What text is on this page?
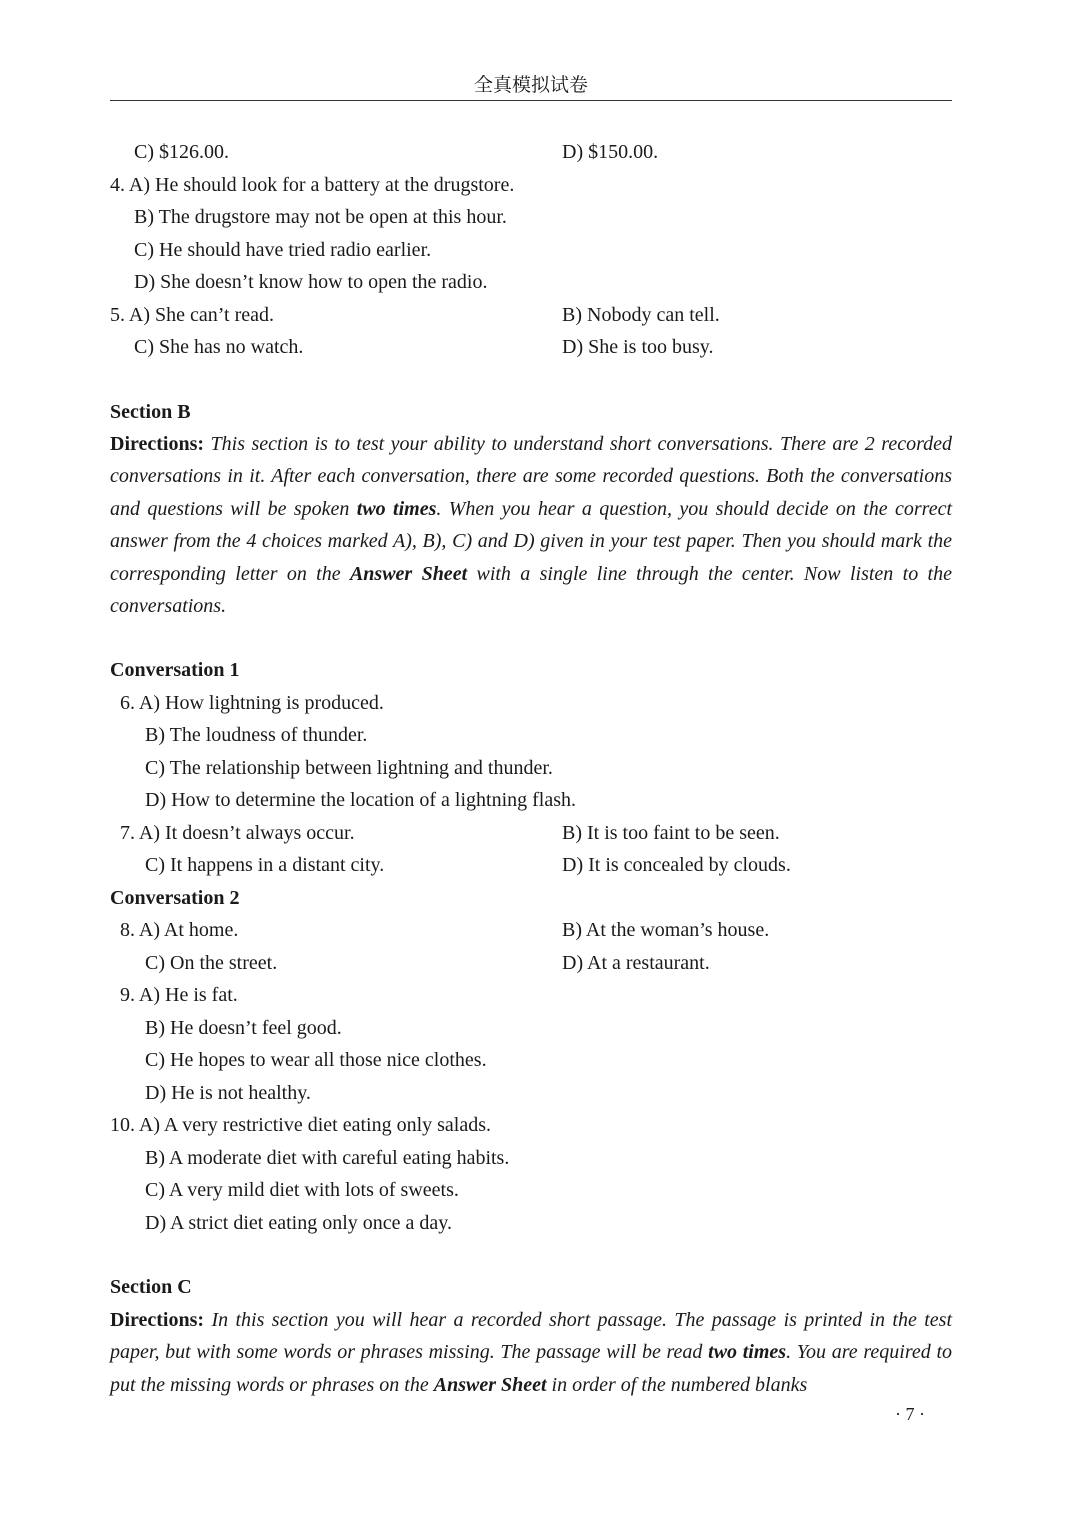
全真模拟试卷
C) $126.00.	D) $150.00.
4. A) He should look for a battery at the drugstore.
B) The drugstore may not be open at this hour.
C) He should have tried radio earlier.
D) She doesn’t know how to open the radio.
5. A) She can’t read.	B) Nobody can tell.
C) She has no watch.	D) She is too busy.
Section B
Directions: This section is to test your ability to understand short conversations. There are 2 recorded conversations in it. After each conversation, there are some recorded questions. Both the conversations and questions will be spoken two times. When you hear a question, you should decide on the correct answer from the 4 choices marked A), B), C) and D) given in your test paper. Then you should mark the corresponding letter on the Answer Sheet with a single line through the center. Now listen to the conversations.
Conversation 1
6. A) How lightning is produced.
B) The loudness of thunder.
C) The relationship between lightning and thunder.
D) How to determine the location of a lightning flash.
7. A) It doesn’t always occur.	B) It is too faint to be seen.
C) It happens in a distant city.	D) It is concealed by clouds.
Conversation 2
8. A) At home.	B) At the woman’s house.
C) On the street.	D) At a restaurant.
9. A) He is fat.
B) He doesn’t feel good.
C) He hopes to wear all those nice clothes.
D) He is not healthy.
10. A) A very restrictive diet eating only salads.
B) A moderate diet with careful eating habits.
C) A very mild diet with lots of sweets.
D) A strict diet eating only once a day.
Section C
Directions: In this section you will hear a recorded short passage. The passage is printed in the test paper, but with some words or phrases missing. The passage will be read two times. You are required to put the missing words or phrases on the Answer Sheet in order of the numbered blanks
· 7 ·
